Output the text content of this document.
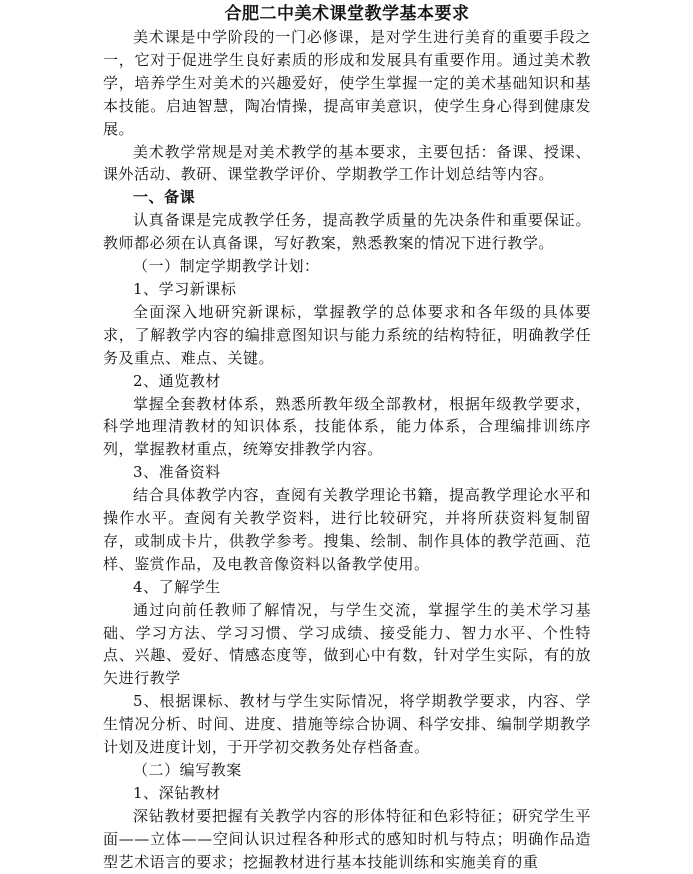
合肥二中美术课堂教学基本要求

美术课是中学阶段的一门必修课，是对学生进行美育的重要手段之一，它对于促进学生良好素质的形成和发展具有重要作用。通过美术教学，培养学生对美术的兴趣爱好，使学生掌握一定的美术基础知识和基本技能。启迪智慧，陶冶情操，提高审美意识，使学生身心得到健康发展。

美术教学常规是对美术教学的基本要求，主要包括：备课、授课、课外活动、教研、课堂教学评价、学期教学工作计划总结等内容。

一、备课

认真备课是完成教学任务，提高教学质量的先决条件和重要保证。教师都必须在认真备课，写好教案，熟悉教案的情况下进行教学。

（一）制定学期教学计划：

1、学习新课标

全面深入地研究新课标，掌握教学的总体要求和各年级的具体要求，了解教学内容的编排意图知识与能力系统的结构特征，明确教学任务及重点、难点、关键。

2、通览教材

掌握全套教材体系，熟悉所教年级全部教材，根据年级教学要求，科学地理清教材的知识体系，技能体系，能力体系，合理编排训练序列，掌握教材重点，统筹安排教学内容。

3、准备资料

结合具体教学内容，查阅有关教学理论书籍，提高教学理论水平和操作水平。查阅有关教学资料，进行比较研究，并将所获资料复制留存，或制成卡片，供教学参考。搜集、绘制、制作具体的教学范画、范样、鉴赏作品，及电教音像资料以备教学使用。

4、了解学生

通过向前任教师了解情况，与学生交流，掌握学生的美术学习基础、学习方法、学习习惯、学习成绩、接受能力、智力水平、个性特点、兴趣、爱好、情感态度等，做到心中有数，针对学生实际，有的放矢进行教学

5、根据课标、教材与学生实际情况，将学期教学要求，内容、学生情况分析、时间、进度、措施等综合协调、科学安排、编制学期教学计划及进度计划，于开学初交教务处存档备查。

（二）编写教案

1、深钻教材

深钻教材要把握有关教学内容的形体特征和色彩特征；研究学生平面——立体——空间认识过程各种形式的感知时机与特点；明确作品造型艺术语言的要求；挖掘教材进行基本技能训练和实施美育的重
